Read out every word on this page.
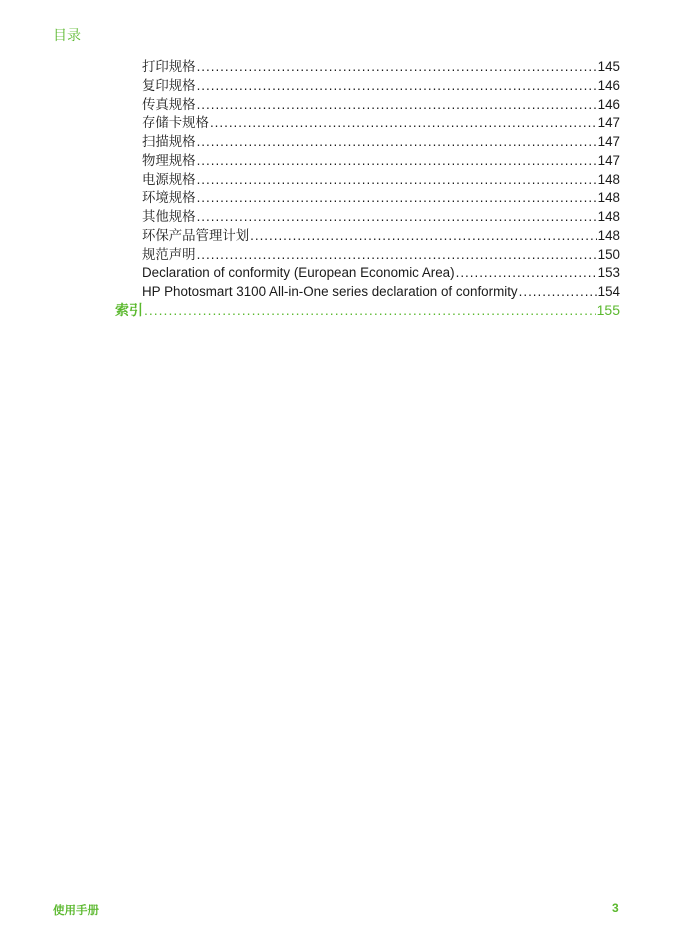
目录
打印规格 .....	145
复印规格 .....	146
传真规格 .....	146
存储卡规格 .....	147
扫描规格 .....	147
物理规格 .....	147
电源规格 .....	148
环境规格 .....	148
其他规格 .....	148
环保产品管理计划 .....	148
规范声明 .....	150
Declaration of conformity (European Economic Area) .....	153
HP Photosmart 3100 All-in-One series declaration of conformity .....	154
索引 .....	155
使用手册	3
